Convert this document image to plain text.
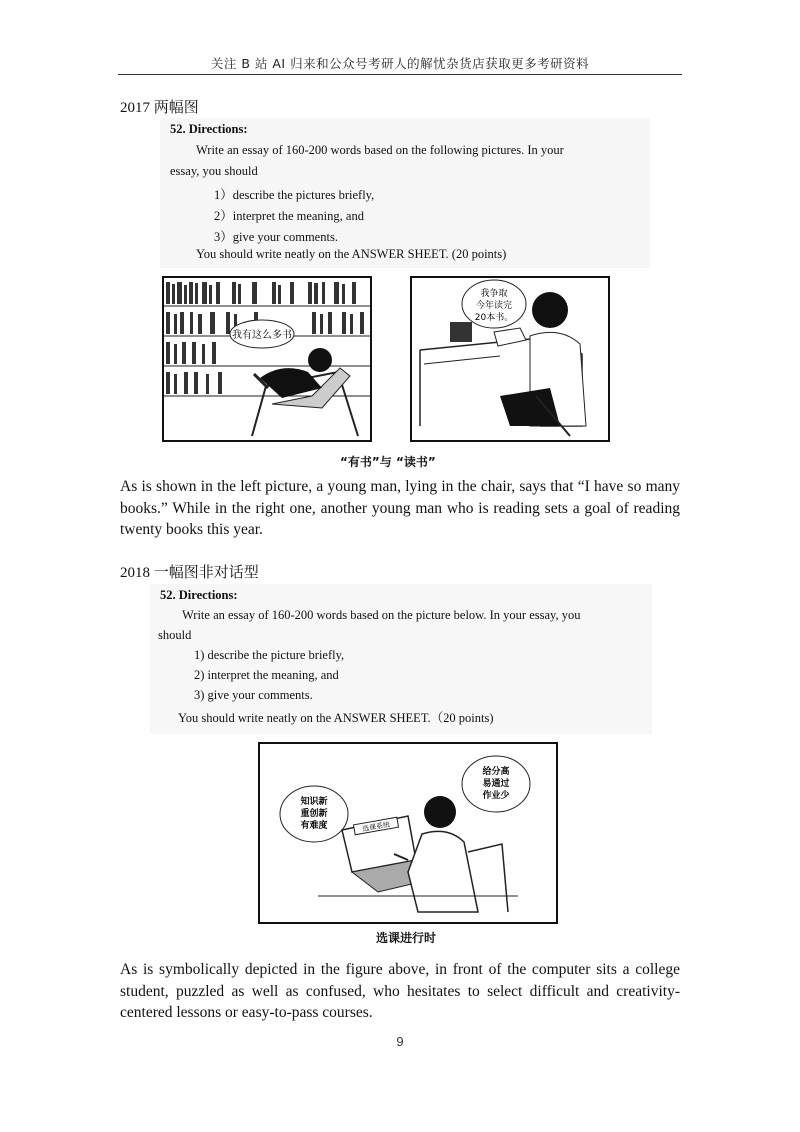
关注 B 站 AI 归来和公众号考研人的解忧杂货店获取更多考研资料
2017 两幅图
52. Directions:
Write an essay of 160-200 words based on the following pictures. In your
essay, you should
1）describe the pictures briefly,
2）interpret the meaning, and
3）give your comments.
You should write neatly on the ANSWER SHEET. (20 points)
我有这么多书
我争取
今年读完
20本书。
“有书”与 “读书”
As is shown in the left picture, a young man, lying in the chair, says that “I have so many books.” While in the right one, another young man who is reading sets a goal of reading twenty books this year.
2018 一幅图非对话型
52. Directions:
Write an essay of 160-200 words based on the picture below. In your essay, you
should
1) describe the picture briefly,
2) interpret the meaning, and
3) give your comments.
You should write neatly on the ANSWER SHEET.（20 points)
知识新
重创新
有难度
给分高
易通过
作业少
选课系统
选课进行时
As is symbolically depicted in the figure above, in front of the computer sits a college student, puzzled as well as confused, who hesitates to select difficult and creativity-centered lessons or easy-to-pass courses.
9
